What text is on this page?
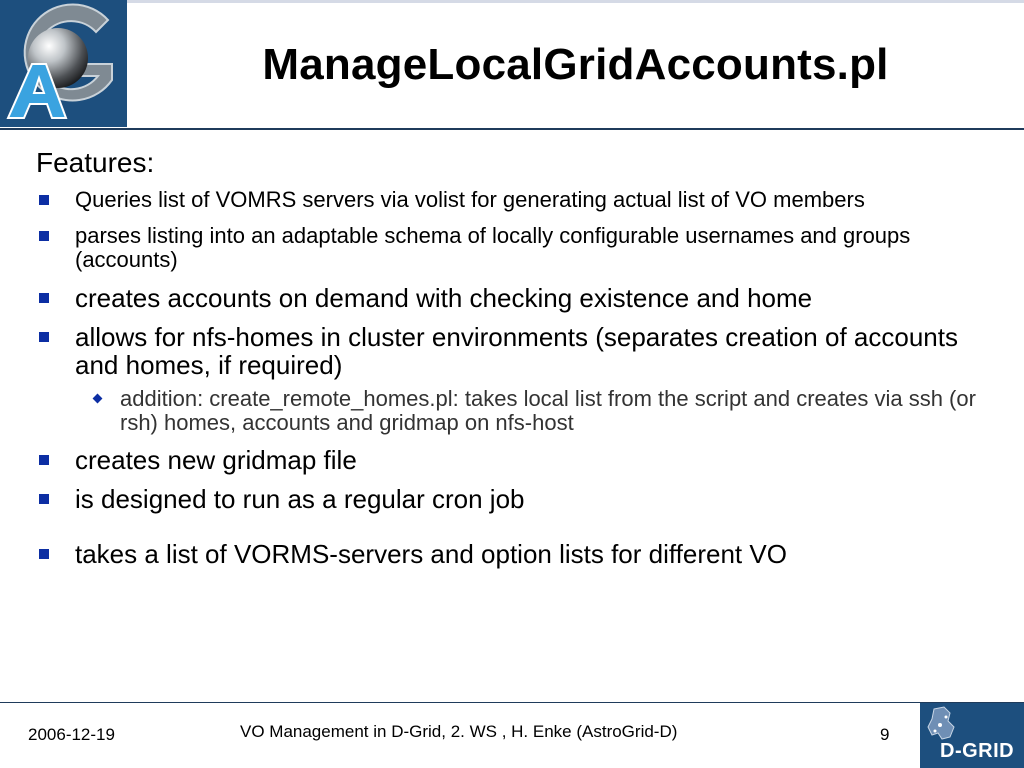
ManageLocalGridAccounts.pl
Features:
Queries list of VOMRS servers via volist for generating actual list of VO members
parses listing into an adaptable schema of locally configurable usernames and groups (accounts)
creates accounts on demand with checking existence and home
allows for nfs-homes in cluster environments (separates creation of accounts and homes, if required)
addition: create_remote_homes.pl: takes local list from the script and creates via ssh (or rsh) homes, accounts and gridmap on nfs-host
creates new gridmap file
is designed to run as a regular cron job
takes a list of VORMS-servers and option lists for different VO
2006-12-19	VO Management in D-Grid, 2. WS , H. Enke (AstroGrid-D)	9
D-GRID
